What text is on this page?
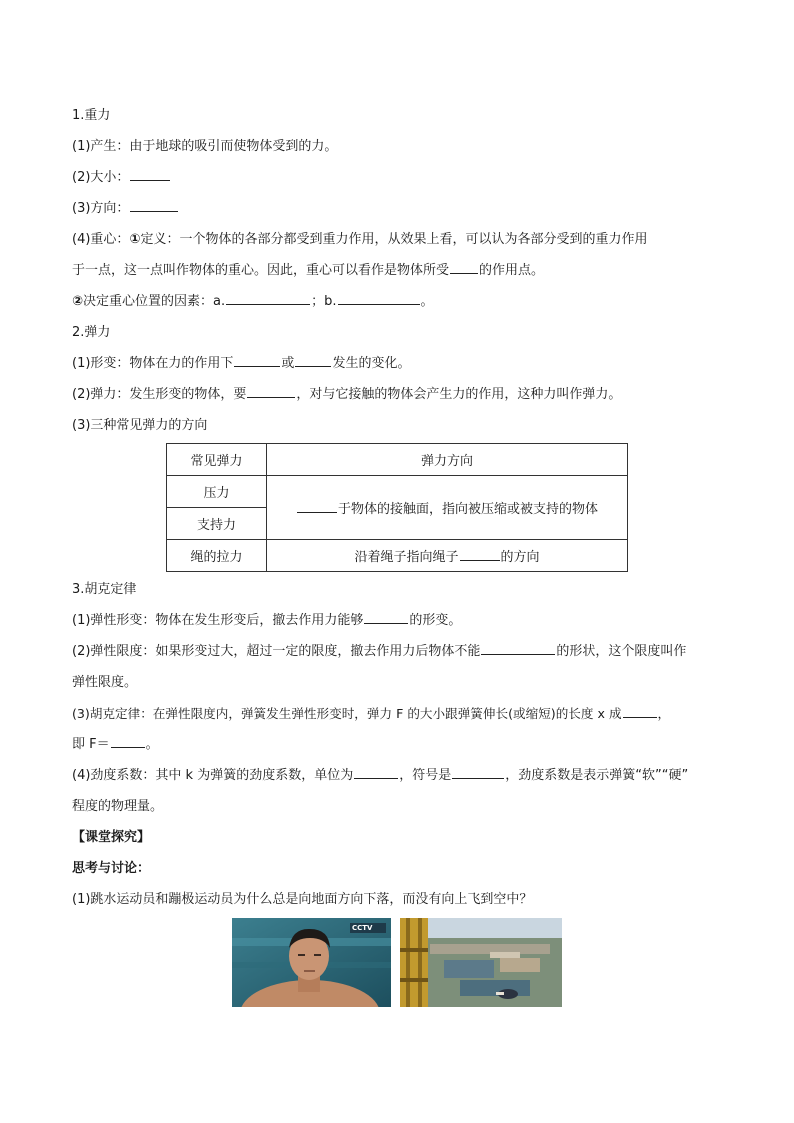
1.重力
(1)产生：由于地球的吸引而使物体受到的力。
(2)大小：
(3)方向：
(4)重心：①定义：一个物体的各部分都受到重力作用，从效果上看，可以认为各部分受到的重力作用
于一点，这一点叫作物体的重心。因此，重心可以看作是物体所受 的作用点。
②决定重心位置的因素：a.	；b.	。
2.弹力
(1)形变：物体在力的作用下	或	发生的变化。
(2)弹力：发生形变的物体，要	，对与它接触的物体会产生力的作用，这种力叫作弹力。
(3)三种常见弹力的方向
常见弹力	弹力方向
压力	于物体的接触面，指向被压缩或被支持的物体
支持力	
绳的拉力	沿着绳子指向绳子 的方向
3.胡克定律
(1)弹性形变：物体在发生形变后，撤去作用力能够	的形变。
(2)弹性限度：如果形变过大，超过一定的限度，撤去作用力后物体不能	的形状，这个限度叫作
弹性限度。
(3)胡克定律：在弹性限度内，弹簧发生弹性形变时，弹力 F 的大小跟弹簧伸长(或缩短)的长度 x 成	，
即 F＝	。
(4)劲度系数：其中 k 为弹簧的劲度系数，单位为	，符号是	，劲度系数是表示弹簧“软”“硬”
程度的物理量。
【课堂探究】
思考与讨论：
(1)跳水运动员和蹦极运动员为什么总是向地面方向下落，而没有向上飞到空中？
CCTV
